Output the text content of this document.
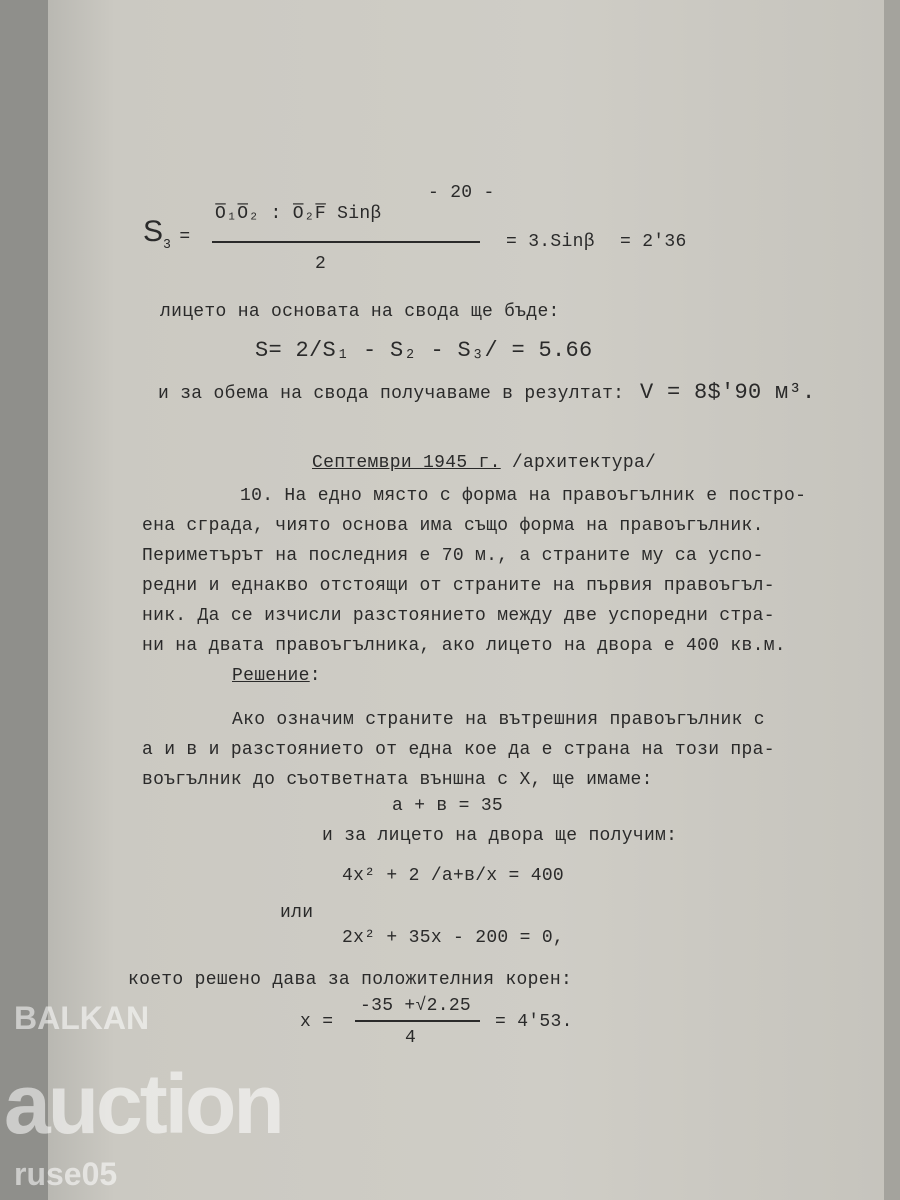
- 20 -
$S_3$ =
O̅₁O̅₂ : O̅₂F̅ Sinβ
2
= 3.Sinβ = 2'36
лицето на основата на свода ще бъде:
S= 2/S₁ - S₂ - S₃/ = 5.66
и за обема на свода получаваме в резултат: V = 8$'90 м³.
Септември 1945 г. /архитектура/
10. На едно място с форма на правоъгълник е постро-
ена сграда, чиято основа има също форма на правоъгълник.
Периметърът на последния е 70 м., а страните му са успо-
редни и еднакво отстоящи от страните на първия правоъгъл-
ник. Да се изчисли разстоянието между две успоредни стра-
ни на двата правоъгълника, ако лицето на двора е 400 кв.м.
Решение:
Ако означим страните на вътрешния правоъгълник с
а и в и разстоянието от една кое да е страна на този пра-
воъгълник до съответната външна с Х, ще имаме:
а + в = 35
и за лицето на двора ще получим:
4х² + 2 /а+в/х = 400
или
2х² + 35х - 200 = 0,
което решено дава за положителния корен:
х =
-35 +√2.25
4
= 4'53.
BALKAN
auction
ruse05
